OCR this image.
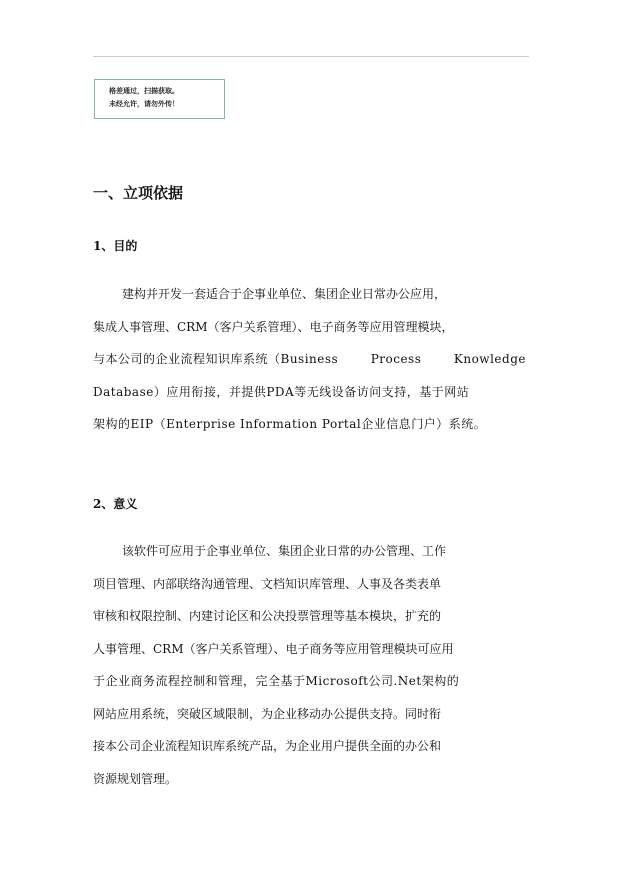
格差通过，扫描获取。
未经允许，请勿外传！
一、立项依据
1、目的
建构并开发一套适合于企事业单位、集团企业日常办公应用，
集成人事管理、CRM（客户关系管理）、电子商务等应用管理模块，
与本公司的企业流程知识库系统（Business	Process	Knowledge
Database）应用衔接，并提供PDA等无线设备访问支持，基于网站
架构的EIP（Enterprise Information Portal企业信息门户）系统。
2、意义
该软件可应用于企事业单位、集团企业日常的办公管理、工作
项目管理、内部联络沟通管理、文档知识库管理、人事及各类表单
审核和权限控制、内建讨论区和公决投票管理等基本模块，扩充的
人事管理、CRM（客户关系管理）、电子商务等应用管理模块可应用
于企业商务流程控制和管理，完全基于Microsoft公司.Net架构的
网站应用系统，突破区域限制，为企业移动办公提供支持。同时衔
接本公司企业流程知识库系统产品，为企业用户提供全面的办公和
资源规划管理。
